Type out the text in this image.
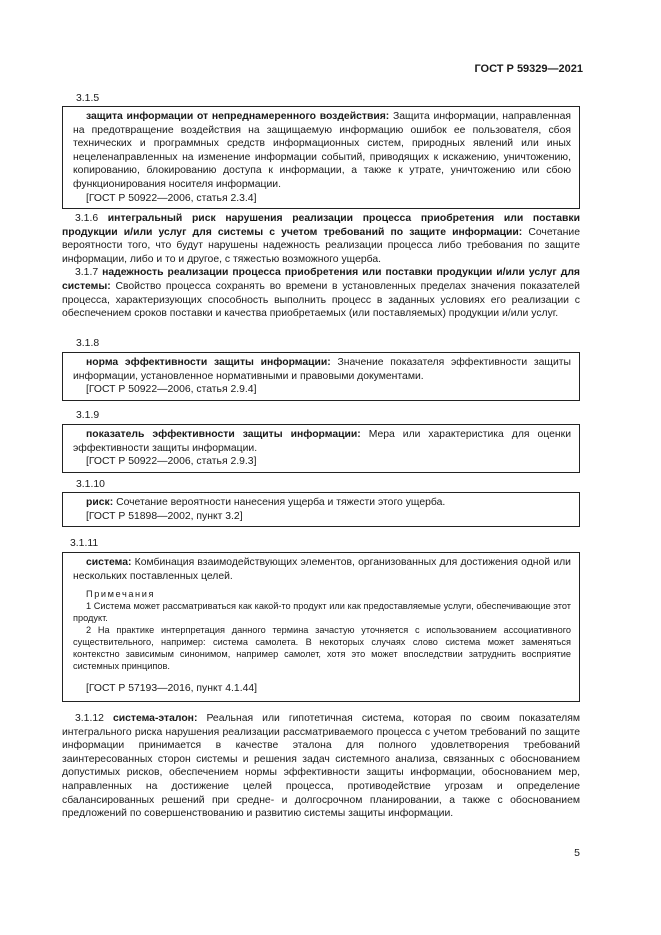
ГОСТ Р 59329—2021
3.1.5

защита информации от непреднамеренного воздействия: Защита информации, направленная на предотвращение воздействия на защищаемую информацию ошибок ее пользователя, сбоя технических и программных средств информационных систем, природных явлений или иных нецеленаправленных на изменение информации событий, приводящих к искажению, уничтожению, копированию, блокированию доступа к информации, а также к утрате, уничтожению или сбою функционирования носителя информации.

[ГОСТ Р 50922—2006, статья 2.3.4]

3.1.6 интегральный риск нарушения реализации процесса приобретения или поставки продукции и/или услуг для системы с учетом требований по защите информации: Сочетание вероятности того, что будут нарушены надежность реализации процесса либо требования по защите информации, либо и то и другое, с тяжестью возможного ущерба.

3.1.7 надежность реализации процесса приобретения или поставки продукции и/или услуг для системы: Свойство процесса сохранять во времени в установленных пределах значения показателей процесса, характеризующих способность выполнить процесс в заданных условиях его реализации с обеспечением сроков поставки и качества приобретаемых (или поставляемых) продукции и/или услуг.

3.1.8

норма эффективности защиты информации: Значение показателя эффективности защиты информации, установленное нормативными и правовыми документами.

[ГОСТ Р 50922—2006, статья 2.9.4]

3.1.9

показатель эффективности защиты информации: Мера или характеристика для оценки эффективности защиты информации.

[ГОСТ Р 50922—2006, статья 2.9.3]

3.1.10

риск: Сочетание вероятности нанесения ущерба и тяжести этого ущерба.

[ГОСТ Р 51898—2002, пункт 3.2]

3.1.11

система: Комбинация взаимодействующих элементов, организованных для достижения одной или нескольких поставленных целей.

Примечания

1 Система может рассматриваться как какой-то продукт или как предоставляемые услуги, обеспечивающие этот продукт.

2 На практике интерпретация данного термина зачастую уточняется с использованием ассоциативного существительного, например: система самолета. В некоторых случаях слово система может заменяться контекстно зависимым синонимом, например самолет, хотя это может впоследствии затруднить восприятие системных принципов.

[ГОСТ Р 57193—2016, пункт 4.1.44]

3.1.12 система-эталон: Реальная или гипотетичная система, которая по своим показателям интегрального риска нарушения реализации рассматриваемого процесса с учетом требований по защите информации принимается в качестве эталона для полного удовлетворения требований заинтересованных сторон системы и решения задач системного анализа, связанных с обоснованием допустимых рисков, обеспечением нормы эффективности защиты информации, обоснованием мер, направленных на достижение целей процесса, противодействие угрозам и определение сбалансированных решений при средне- и долгосрочном планировании, а также с обоснованием предложений по совершенствованию и развитию системы защиты информации.

5
